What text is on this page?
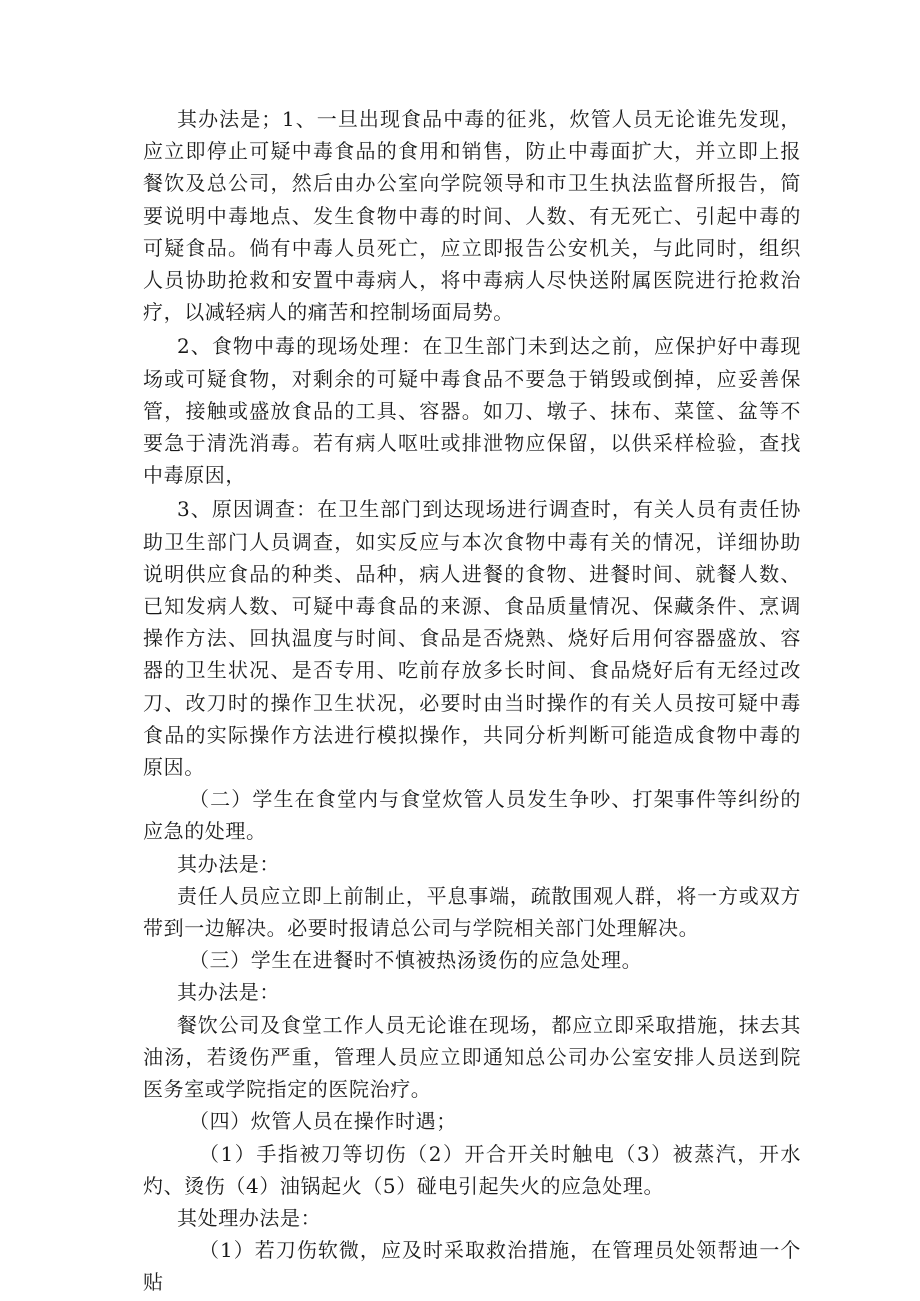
其办法是；1、一旦出现食品中毒的征兆，炊管人员无论谁先发现，应立即停止可疑中毒食品的食用和销售，防止中毒面扩大，并立即上报餐饮及总公司，然后由办公室向学院领导和市卫生执法监督所报告，简要说明中毒地点、发生食物中毒的时间、人数、有无死亡、引起中毒的可疑食品。倘有中毒人员死亡，应立即报告公安机关，与此同时，组织人员协助抢救和安置中毒病人，将中毒病人尽快送附属医院进行抢救治疗，以减轻病人的痛苦和控制场面局势。

2、食物中毒的现场处理：在卫生部门未到达之前，应保护好中毒现场或可疑食物，对剩余的可疑中毒食品不要急于销毁或倒掉，应妥善保管，接触或盛放食品的工具、容器。如刀、墩子、抹布、菜筐、盆等不要急于清洗消毒。若有病人呕吐或排泄物应保留，以供采样检验，查找中毒原因，

3、原因调查：在卫生部门到达现场进行调查时，有关人员有责任协助卫生部门人员调查，如实反应与本次食物中毒有关的情况，详细协助说明供应食品的种类、品种，病人进餐的食物、进餐时间、就餐人数、已知发病人数、可疑中毒食品的来源、食品质量情况、保藏条件、烹调操作方法、回执温度与时间、食品是否烧熟、烧好后用何容器盛放、容器的卫生状况、是否专用、吃前存放多长时间、食品烧好后有无经过改刀、改刀时的操作卫生状况，必要时由当时操作的有关人员按可疑中毒食品的实际操作方法进行模拟操作，共同分析判断可能造成食物中毒的原因。

（二）学生在食堂内与食堂炊管人员发生争吵、打架事件等纠纷的应急的处理。

其办法是：

责任人员应立即上前制止，平息事端，疏散围观人群，将一方或双方带到一边解决。必要时报请总公司与学院相关部门处理解决。

（三）学生在进餐时不慎被热汤烫伤的应急处理。

其办法是：

餐饮公司及食堂工作人员无论谁在现场，都应立即采取措施，抹去其油汤，若烫伤严重，管理人员应立即通知总公司办公室安排人员送到院医务室或学院指定的医院治疗。

（四）炊管人员在操作时遇；

（1）手指被刀等切伤（2）开合开关时触电（3）被蒸汽，开水灼、烫伤（4）油锅起火（5）碰电引起失火的应急处理。

其处理办法是：

（1）若刀伤软微，应及时采取救治措施，在管理员处领帮迪一个贴
